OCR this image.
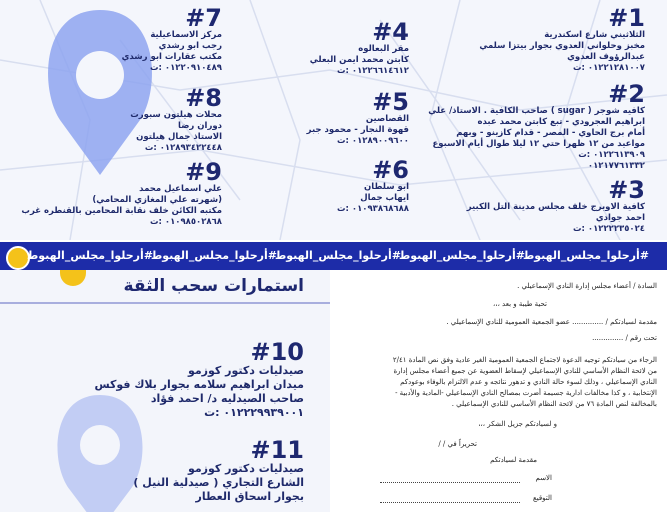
#1
الثلاثيني شارع اسكندرية
مخبز وحلواني العدوي بجوار بيتزا سلمي
عبدالرؤوف العدوي
٠١٢٢١٢٨١٠٠٧ :ت
#2
كافيه شوجر ( sugar ) صاحب الكافية . الاستاذ/ علي
ابراهيم العجرودي - تبع كابتن محمد عبده
أمام برج الحاوي - المصر - قدام كازينو - وبهم
مواعيد من ١٢ ظهرا حتي ١٢ ليلا طوال أيام الاسبوع
٠١٢٢٦١٣٩٠٩ :ت
٠١٢١٧٧٦١٣٣٢
#3
كافية الاوبرج خلف مجلس مدينة التل الكبير
احمد جوادي
٠١٢٢٢٢٣٥٠٢٤ :ت
#4
مقر البعالوه
كابتن محمد ايمن البعلي
٠١٢٢٦٦١٤٦١٢ :ت
#5
القصاصين
قهوة النجار - محمود جبر
٠١٢٨٩٠٠٩٦٠٠ :ت
#6
ابو سلطان
ايهاب جمال
٠١٠٩٣٨٦٨٦٨٨ :ت
#7
مركز الاسماعيلية
رجب ابو رشدي
مكتب عقارات ابو رشدي
٠١٢٢٠٩١٠٤٨٩ :ت
#8
محلات هيلتون سبورت
دوران رضا
الاستاذ جمال هيلتون
٠١٢٨٩٣٤٢٢٤٤٨ :ت
#9
علي اسماعيل محمد
(شهرته علي المغازي المحامي)
مكتبه الكائن خلف نقابة المحامين بالقنطره غرب
٠١٠٩٨٥٠٢٨٦٨ :ت
#أرحلوا_مجلس_الهبوط
#أرحلوا_مجلس_الهبوط
#أرحلوا_مجلس_الهبوط
#أرحلوا_مجلس_الهبوط
#أرحلوا_مجلس_الهبوط
استمارات سحب الثقة
#10
صيدليات دكتور كوزمو
ميدان ابراهيم سلامه بجوار بلاك فوكس
صاحب الصيدليه د/ احمد فؤاد
٠١٢٢٢٩٩٣٩٠٠١ :ت
#11
صيدليات دكتور كوزمو
الشارع التجاري ( صيدلية النيل )
بجوار اسحاق العطار
السادة / أعضاء مجلس إدارة النادي الإسماعيلي .
تحية طيبة و بعد ،،،
مقدمة لسيادتكم / .............. عضو الجمعية العمومية للنادي الإسماعيلي .
تحت رقم / ..............
الرجاء من سيادتكم توجيه الدعوة لاجتماع الجمعية العمومية الغير عادية وفق نص المادة ٢/٤١
من لائحة النظام الأساسي للنادي الإسماعيلي لإسقاط العضوية عن جميع أعضاء مجلس إدارة
النادي الإسماعيلي ، وذلك لسوء حالة النادي و تدهور نتائجه و عدم الالتزام بالوفاء بوعودكم
الإنتخابية ، و كذا مخالفات ادارية جسيمة أضرت بمصالح النادي الإسماعيلي -المادية والأدبية -
بالمخالفة لنص المادة ٧٦ من لائحة النظام الأساسي للنادي الإسماعيلي .
و لسيادتكم جزيل الشكر ،،،
تحريراً في / /
مقدمة لسيادتكم
الاسم
التوقيع
